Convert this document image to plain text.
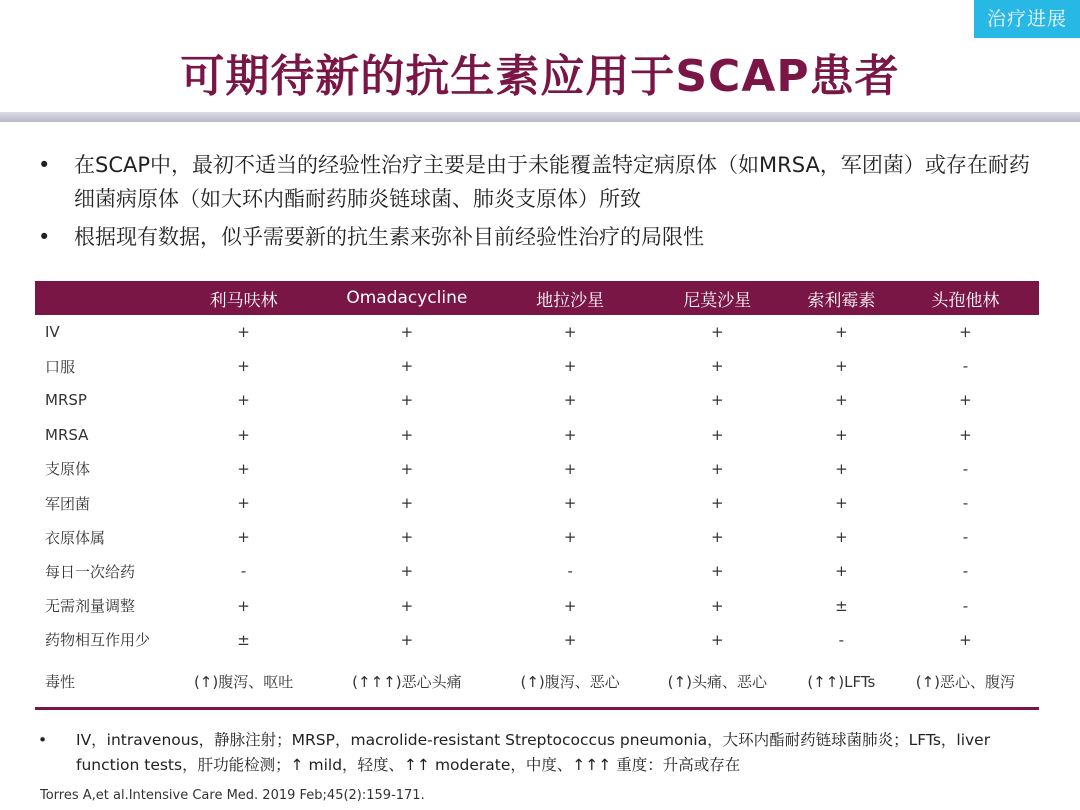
治疗进展
可期待新的抗生素应用于SCAP患者
• 在SCAP中，最初不适当的经验性治疗主要是由于未能覆盖特定病原体（如MRSA，军团菌）或存在耐药细菌病原体（如大环内酯耐药肺炎链球菌、肺炎支原体）所致
• 根据现有数据，似乎需要新的抗生素来弥补目前经验性治疗的局限性
	利马呋林	Omadacycline	地拉沙星	尼莫沙星	索利霉素	头孢他林
IV	+	+	+	+	+	+
口服	+	+	+	+	+	-
MRSP	+	+	+	+	+	+
MRSA	+	+	+	+	+	+
支原体	+	+	+	+	+	-
军团菌	+	+	+	+	+	-
衣原体属	+	+	+	+	+	-
每日一次给药	-	+	-	+	+	-
无需剂量调整	+	+	+	+	±	-
药物相互作用少	±	+	+	+	-	+
毒性	(↑)腹泻、呕吐	(↑↑↑)恶心头痛	(↑)腹泻、恶心	(↑)头痛、恶心	(↑↑)LFTs	(↑)恶心、腹泻
• IV，intravenous，静脉注射；MRSP，macrolide-resistant Streptococcus pneumonia，大环内酯耐药链球菌肺炎；LFTs，liver function tests，肝功能检测；↑ mild，轻度、↑↑ moderate，中度、↑↑↑ 重度：升高或存在
Torres A,et al.Intensive Care Med. 2019 Feb;45(2):159-171.
